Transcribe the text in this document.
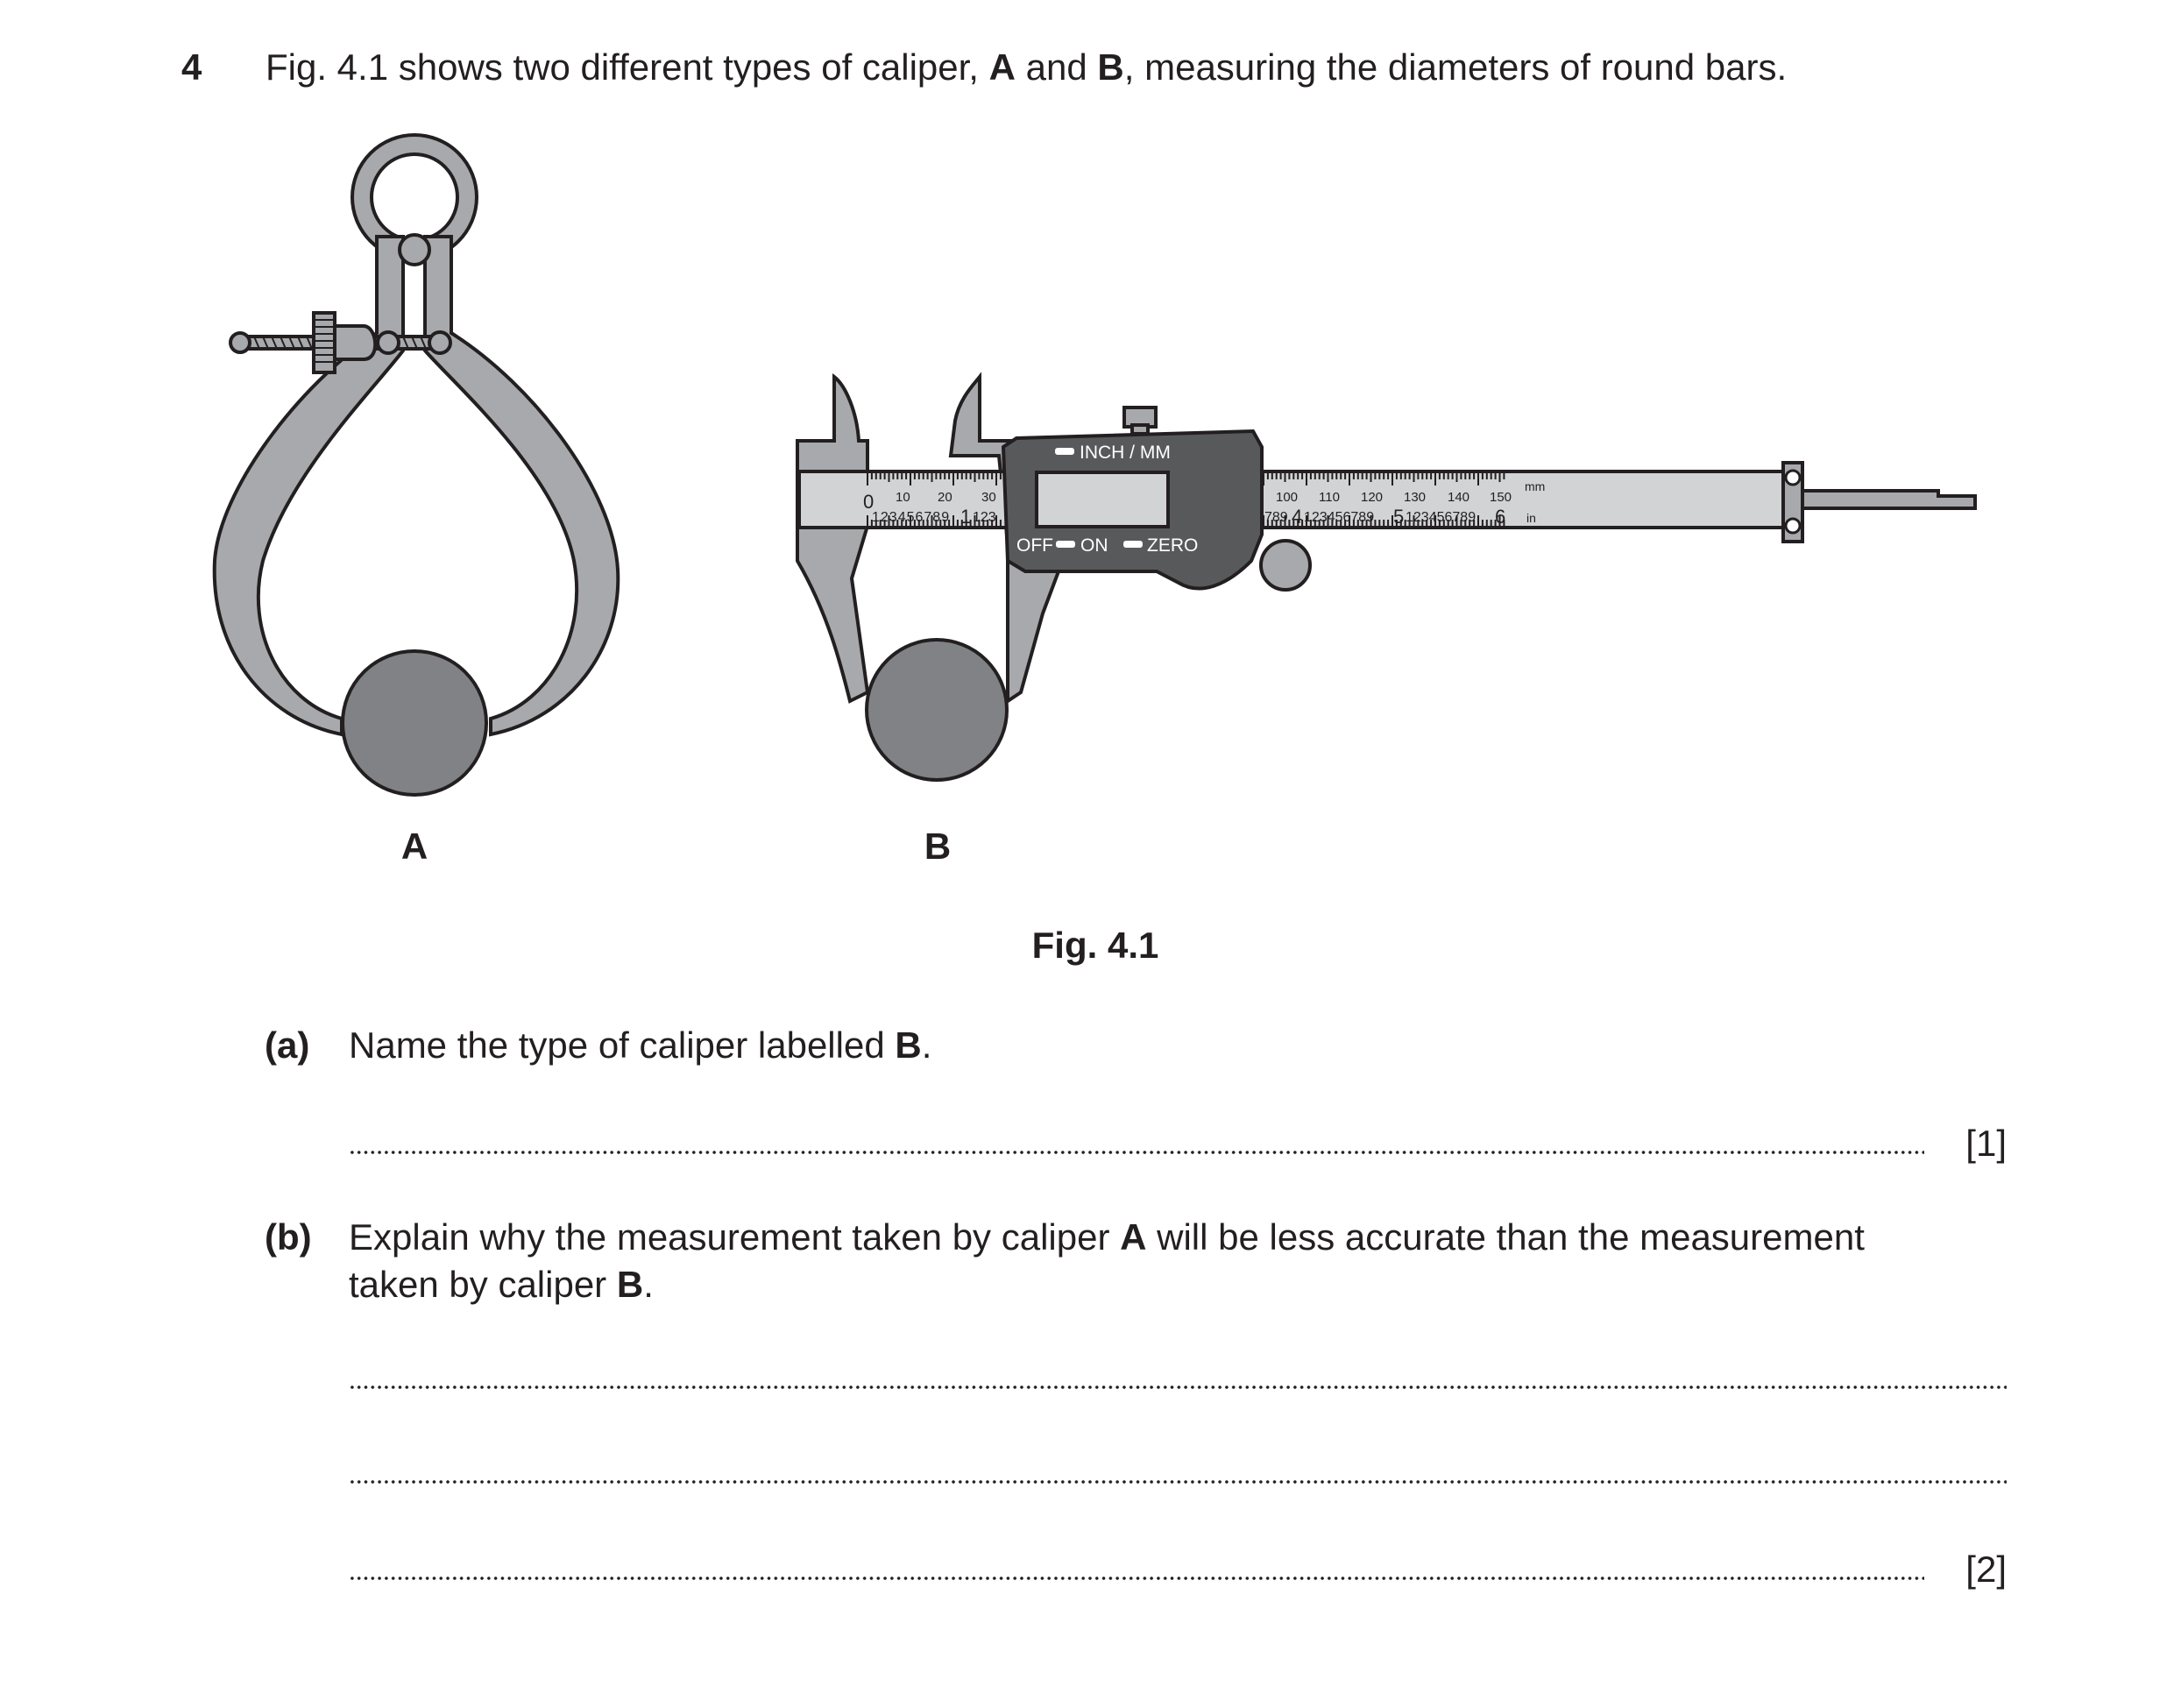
4 Fig. 4.1 shows two different types of caliper, A and B, measuring the diameters of round bars.
INCH / MM
OFF ON ZERO
0 10 20 30
123456789 1 123
100 110 120 130 140 150
mm
789 4 123456789 5 123456789 6 in
A	B
Fig. 4.1
(a) Name the type of caliper labelled B.
[1]
(b) Explain why the measurement taken by caliper A will be less accurate than the measurement
taken by caliper B.
[2]
